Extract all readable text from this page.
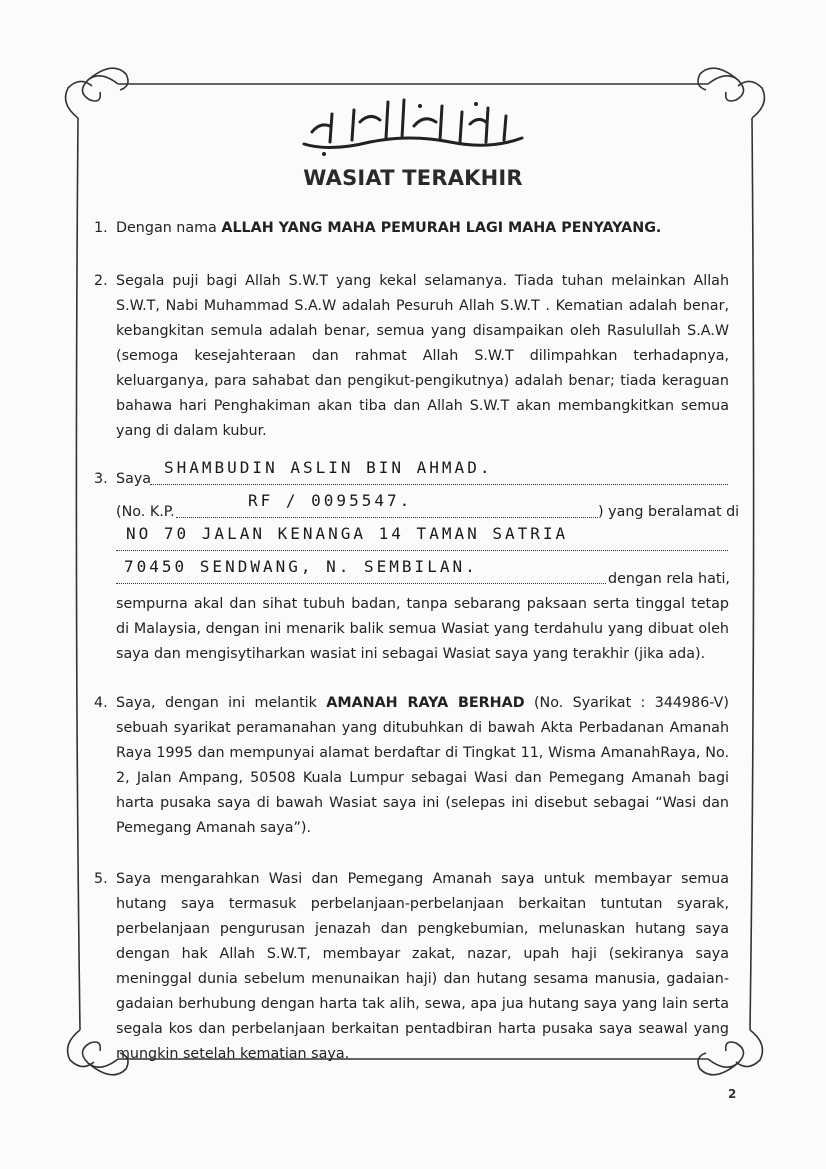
WASIAT TERAKHIR
1. Dengan nama ALLAH YANG MAHA PEMURAH LAGI MAHA PENYAYANG.
2. Segala puji bagi Allah S.W.T yang kekal selamanya. Tiada tuhan melainkan Allah S.W.T, Nabi Muhammad S.A.W adalah Pesuruh Allah S.W.T . Kematian adalah benar, kebangkitan semula adalah benar, semua yang disampaikan oleh Rasulullah S.A.W (semoga kesejahteraan dan rahmat Allah S.W.T dilimpahkan terhadapnya, keluarganya, para sahabat dan pengikut-pengikutnya) adalah benar; tiada keraguan bahawa hari Penghakiman akan tiba dan Allah S.W.T akan membangkitkan semua yang di dalam kubur.
3. Saya
SHAMBUDIN ASLIN BIN AHMAD.
(No. K.P.
RF / 0095547.
) yang beralamat di
NO 70 JALAN KENANGA 14 TAMAN SATRIA
70450 SENDWANG, N. SEMBILAN.
dengan rela hati,
sempurna akal dan sihat tubuh badan, tanpa sebarang paksaan serta tinggal tetap di Malaysia, dengan ini menarik balik semua Wasiat yang terdahulu yang dibuat oleh saya dan mengisytiharkan wasiat ini sebagai Wasiat saya yang terakhir (jika ada).
4. Saya, dengan ini melantik AMANAH RAYA BERHAD (No. Syarikat : 344986-V) sebuah syarikat peramanahan yang ditubuhkan di bawah Akta Perbadanan Amanah Raya 1995 dan mempunyai alamat berdaftar di Tingkat 11, Wisma AmanahRaya, No. 2, Jalan Ampang, 50508 Kuala Lumpur sebagai Wasi dan Pemegang Amanah bagi harta pusaka saya di bawah Wasiat saya ini (selepas ini disebut sebagai “Wasi dan Pemegang Amanah saya”).
5. Saya mengarahkan Wasi dan Pemegang Amanah saya untuk membayar semua hutang saya termasuk perbelanjaan-perbelanjaan berkaitan tuntutan syarak, perbelanjaan pengurusan jenazah dan pengkebumian, melunaskan hutang saya dengan hak Allah S.W.T, membayar zakat, nazar, upah haji (sekiranya saya meninggal dunia sebelum menunaikan haji) dan hutang sesama manusia, gadaian-gadaian berhubung dengan harta tak alih, sewa, apa jua hutang saya yang lain serta segala kos dan perbelanjaan berkaitan pentadbiran harta pusaka saya seawal yang mungkin setelah kematian saya.
2
